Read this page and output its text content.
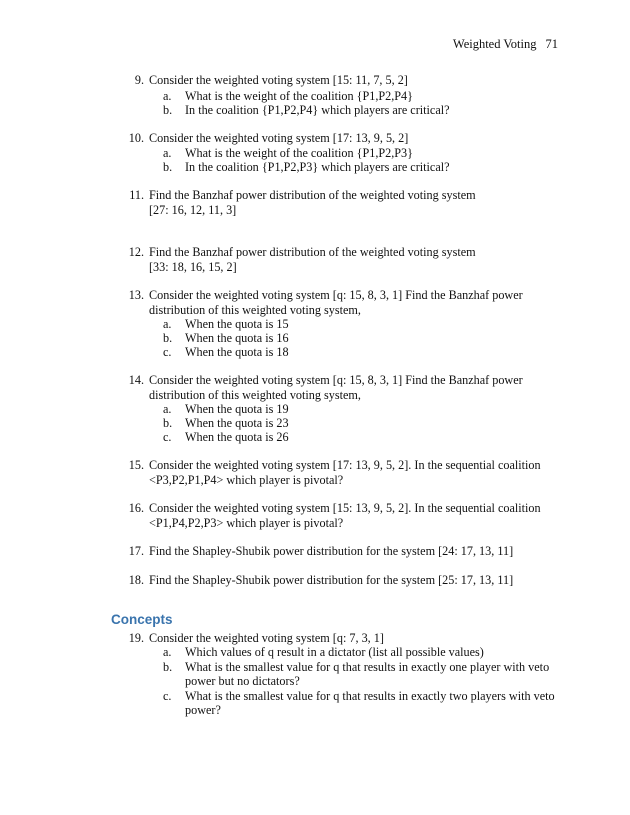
Weighted Voting 71
9. Consider the weighted voting system [15: 11, 7, 5, 2]
a. What is the weight of the coalition {P1,P2,P4}
b. In the coalition {P1,P2,P4} which players are critical?
10. Consider the weighted voting system [17: 13, 9, 5, 2]
a. What is the weight of the coalition {P1,P2,P3}
b. In the coalition {P1,P2,P3} which players are critical?
11. Find the Banzhaf power distribution of the weighted voting system
[27: 16, 12, 11, 3]
12. Find the Banzhaf power distribution of the weighted voting system
[33: 18, 16, 15, 2]
13. Consider the weighted voting system [q: 15, 8, 3, 1] Find the Banzhaf power
distribution of this weighted voting system,
a. When the quota is 15
b. When the quota is 16
c. When the quota is 18
14. Consider the weighted voting system [q: 15, 8, 3, 1] Find the Banzhaf power
distribution of this weighted voting system,
a. When the quota is 19
b. When the quota is 23
c. When the quota is 26
15. Consider the weighted voting system [17: 13, 9, 5, 2]. In the sequential coalition
<P3,P2,P1,P4> which player is pivotal?
16. Consider the weighted voting system [15: 13, 9, 5, 2]. In the sequential coalition
<P1,P4,P2,P3> which player is pivotal?
17. Find the Shapley-Shubik power distribution for the system [24: 17, 13, 11]
18. Find the Shapley-Shubik power distribution for the system [25: 17, 13, 11]
Concepts
19. Consider the weighted voting system [q: 7, 3, 1]
a. Which values of q result in a dictator (list all possible values)
b. What is the smallest value for q that results in exactly one player with veto
power but no dictators?
c. What is the smallest value for q that results in exactly two players with veto
power?
